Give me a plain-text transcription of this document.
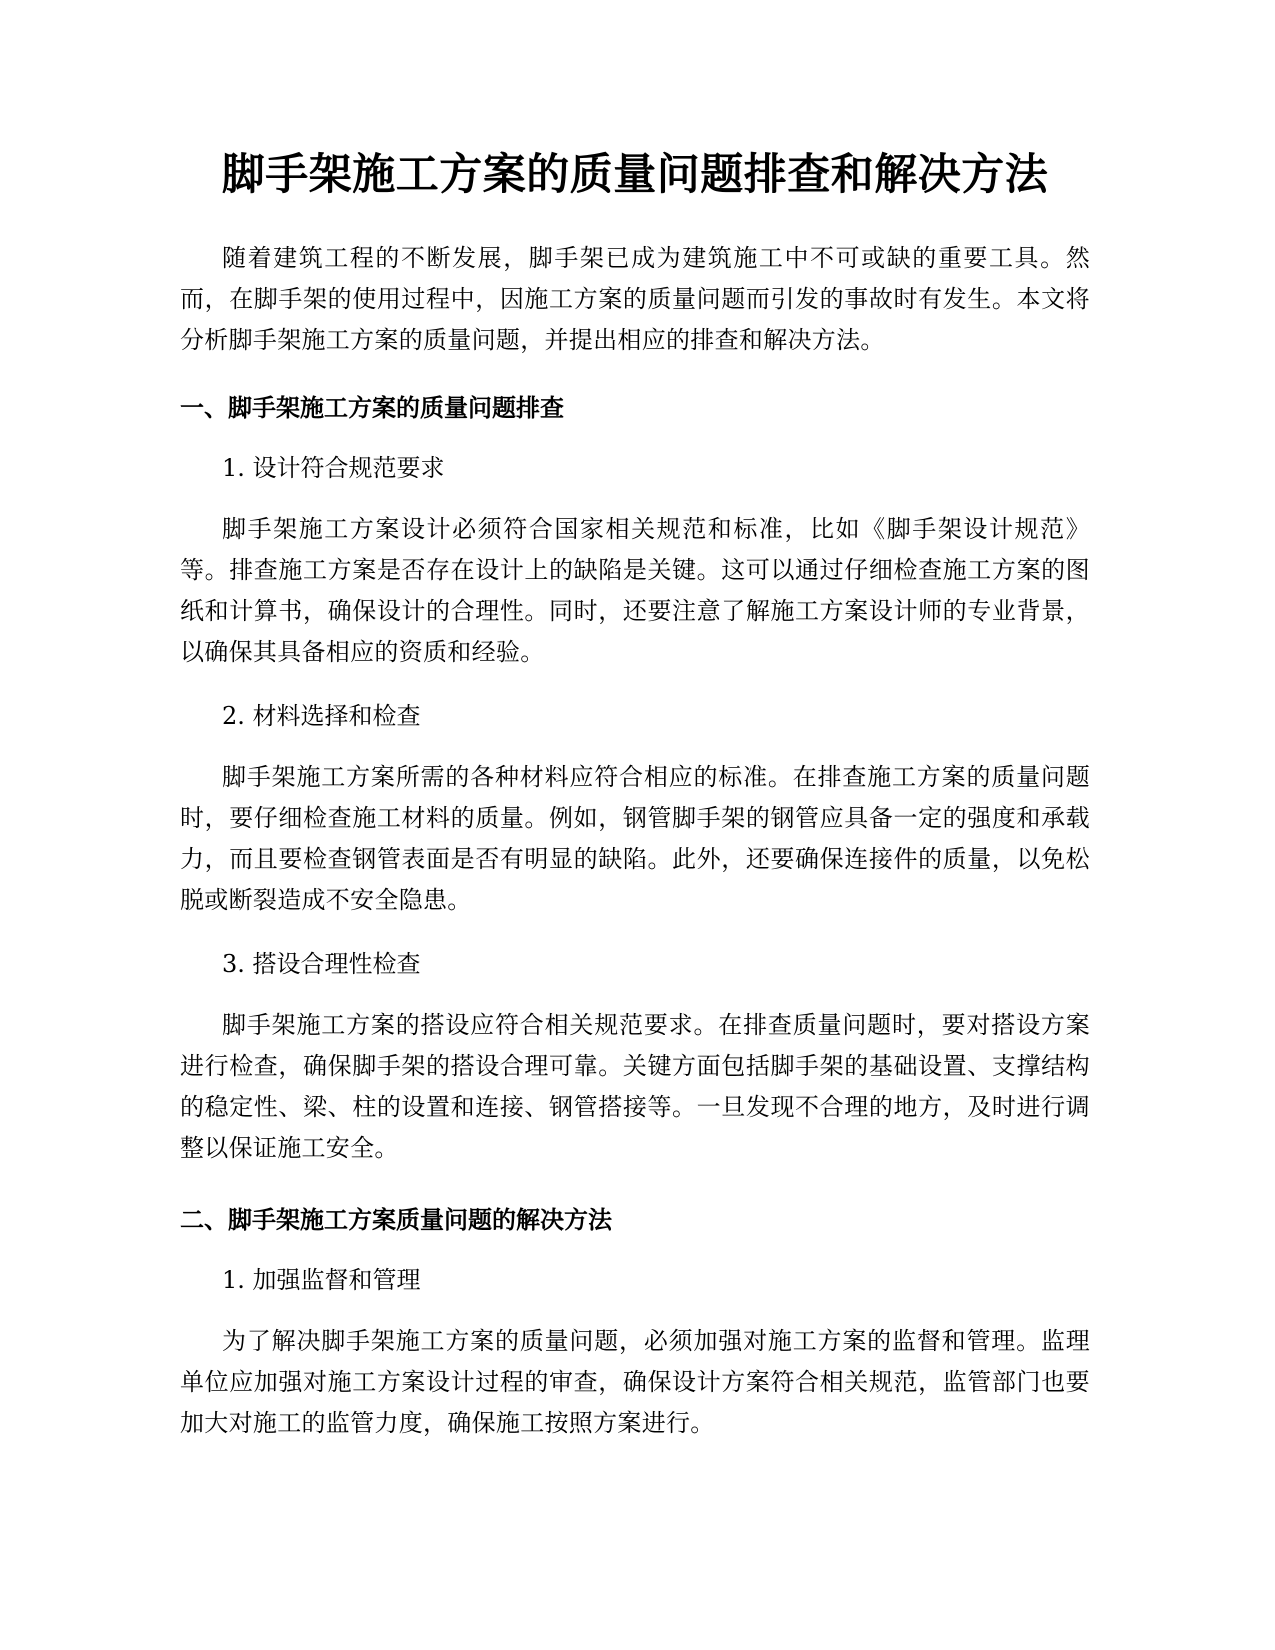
脚手架施工方案的质量问题排查和解决方法

随着建筑工程的不断发展，脚手架已成为建筑施工中不可或缺的重要工具。然而，在脚手架的使用过程中，因施工方案的质量问题而引发的事故时有发生。本文将分析脚手架施工方案的质量问题，并提出相应的排查和解决方法。

一、脚手架施工方案的质量问题排查
1. 设计符合规范要求

脚手架施工方案设计必须符合国家相关规范和标准，比如《脚手架设计规范》等。排查施工方案是否存在设计上的缺陷是关键。这可以通过仔细检查施工方案的图纸和计算书，确保设计的合理性。同时，还要注意了解施工方案设计师的专业背景，以确保其具备相应的资质和经验。

2. 材料选择和检查

脚手架施工方案所需的各种材料应符合相应的标准。在排查施工方案的质量问题时，要仔细检查施工材料的质量。例如，钢管脚手架的钢管应具备一定的强度和承载力，而且要检查钢管表面是否有明显的缺陷。此外，还要确保连接件的质量，以免松脱或断裂造成不安全隐患。

3. 搭设合理性检查

脚手架施工方案的搭设应符合相关规范要求。在排查质量问题时，要对搭设方案进行检查，确保脚手架的搭设合理可靠。关键方面包括脚手架的基础设置、支撑结构的稳定性、梁、柱的设置和连接、钢管搭接等。一旦发现不合理的地方，及时进行调整以保证施工安全。

二、脚手架施工方案质量问题的解决方法
1. 加强监督和管理

为了解决脚手架施工方案的质量问题，必须加强对施工方案的监督和管理。监理单位应加强对施工方案设计过程的审查，确保设计方案符合相关规范，监管部门也要加大对施工的监管力度，确保施工按照方案进行。
